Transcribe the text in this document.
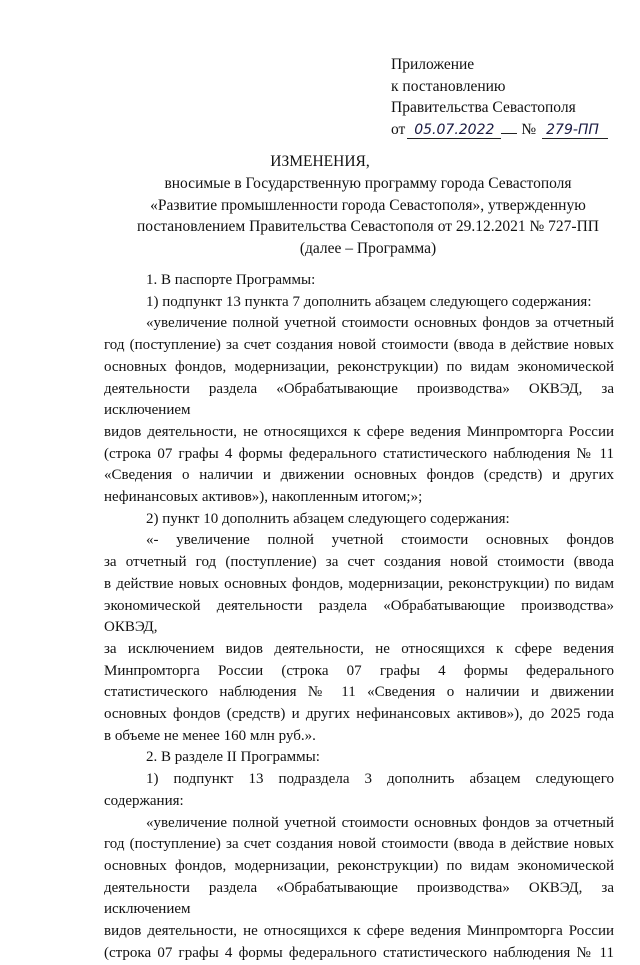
Приложение
к постановлению
Правительства Севастополя
от 05.07.2022 № 279-ПП
ИЗМЕНЕНИЯ,
вносимые в Государственную программу города Севастополя
«Развитие промышленности города Севастополя», утвержденную
постановлением Правительства Севастополя от 29.12.2021 № 727-ПП
(далее – Программа)
1. В паспорте Программы:
1) подпункт 13 пункта 7 дополнить абзацем следующего содержания:
«увеличение полной учетной стоимости основных фондов за отчетный
год (поступление) за счет создания новой стоимости (ввода в действие новых
основных фондов, модернизации, реконструкции) по видам экономической
деятельности раздела «Обрабатывающие производства» ОКВЭД, за исключением
видов деятельности, не относящихся к сфере ведения Минпромторга России
(строка 07 графы 4 формы федерального статистического наблюдения № 11
«Сведения о наличии и движении основных фондов (средств) и других
нефинансовых активов»), накопленным итогом;»;
2) пункт 10 дополнить абзацем следующего содержания:
«- увеличение полной учетной стоимости основных фондов
за отчетный год (поступление) за счет создания новой стоимости (ввода
в действие новых основных фондов, модернизации, реконструкции) по видам
экономической деятельности раздела «Обрабатывающие производства» ОКВЭД,
за исключением видов деятельности, не относящихся к сфере ведения
Минпромторга России (строка 07 графы 4 формы федерального
статистического наблюдения № 11 «Сведения о наличии и движении
основных фондов (средств) и других нефинансовых активов»), до 2025 года
в объеме не менее 160 млн руб.».
2. В разделе II Программы:
1) подпункт 13 подраздела 3 дополнить абзацем следующего
содержания:
«увеличение полной учетной стоимости основных фондов за отчетный
год (поступление) за счет создания новой стоимости (ввода в действие новых
основных фондов, модернизации, реконструкции) по видам экономической
деятельности раздела «Обрабатывающие производства» ОКВЭД, за исключением
видов деятельности, не относящихся к сфере ведения Минпромторга России
(строка 07 графы 4 формы федерального статистического наблюдения № 11
